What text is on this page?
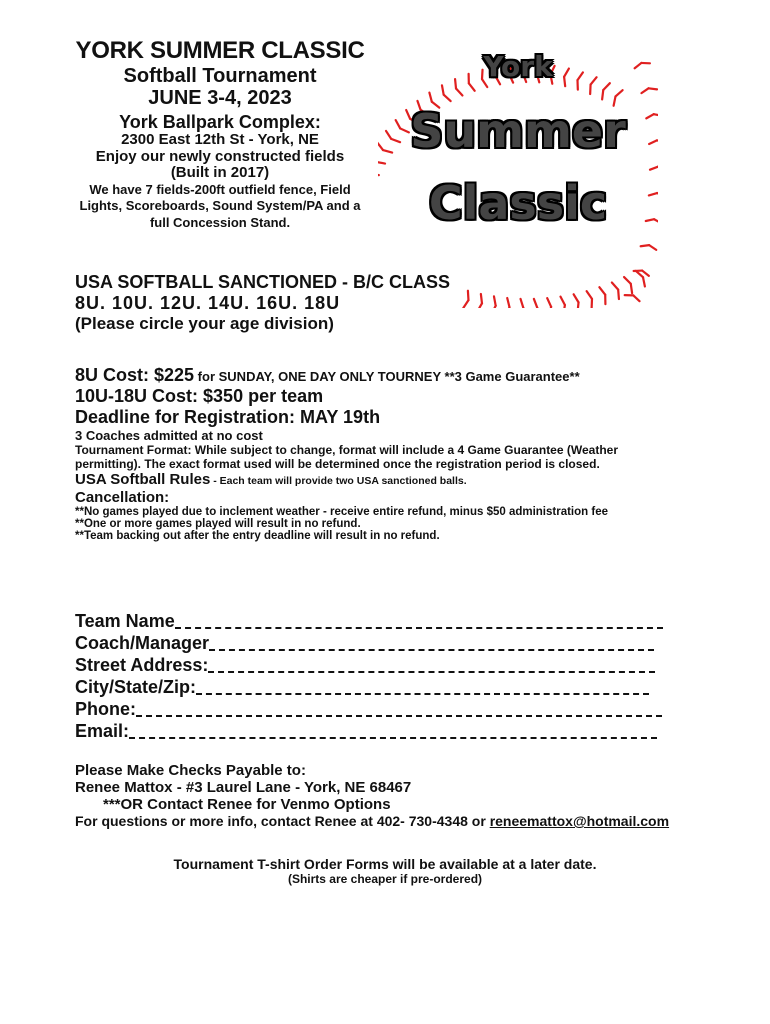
YORK SUMMER CLASSIC
Softball Tournament
JUNE 3-4, 2023
York Ballpark Complex:
2300 East 12th St - York, NE
Enjoy our newly constructed fields
(Built in 2017)
We have 7 fields-200ft outfield fence, Field
Lights, Scoreboards, Sound System/PA and a
full Concession Stand.
York
Summer
Classic
USA SOFTBALL SANCTIONED - B/C CLASS
8U. 10U. 12U. 14U. 16U. 18U
(Please circle your age division)
8U Cost: $225 for SUNDAY, ONE DAY ONLY TOURNEY **3 Game Guarantee**
10U-18U Cost: $350 per team
Deadline for Registration: MAY 19th
3 Coaches admitted at no cost
Tournament Format: While subject to change, format will include a 4 Game Guarantee (Weather
permitting). The exact format used will be determined once the registration period is closed.
USA Softball Rules - Each team will provide two USA sanctioned balls.
Cancellation:
**No games played due to inclement weather - receive entire refund, minus $50 administration fee
**One or more games played will result in no refund.
**Team backing out after the entry deadline will result in no refund.
Team Name
Coach/Manager
Street Address:
City/State/Zip:
Phone:
Email:
Please Make Checks Payable to:
Renee Mattox - #3 Laurel Lane - York, NE 68467
***OR Contact Renee for Venmo Options
For questions or more info, contact Renee at 402- 730-4348 or reneemattox@hotmail.com
Tournament T-shirt Order Forms will be available at a later date.
(Shirts are cheaper if pre-ordered)
